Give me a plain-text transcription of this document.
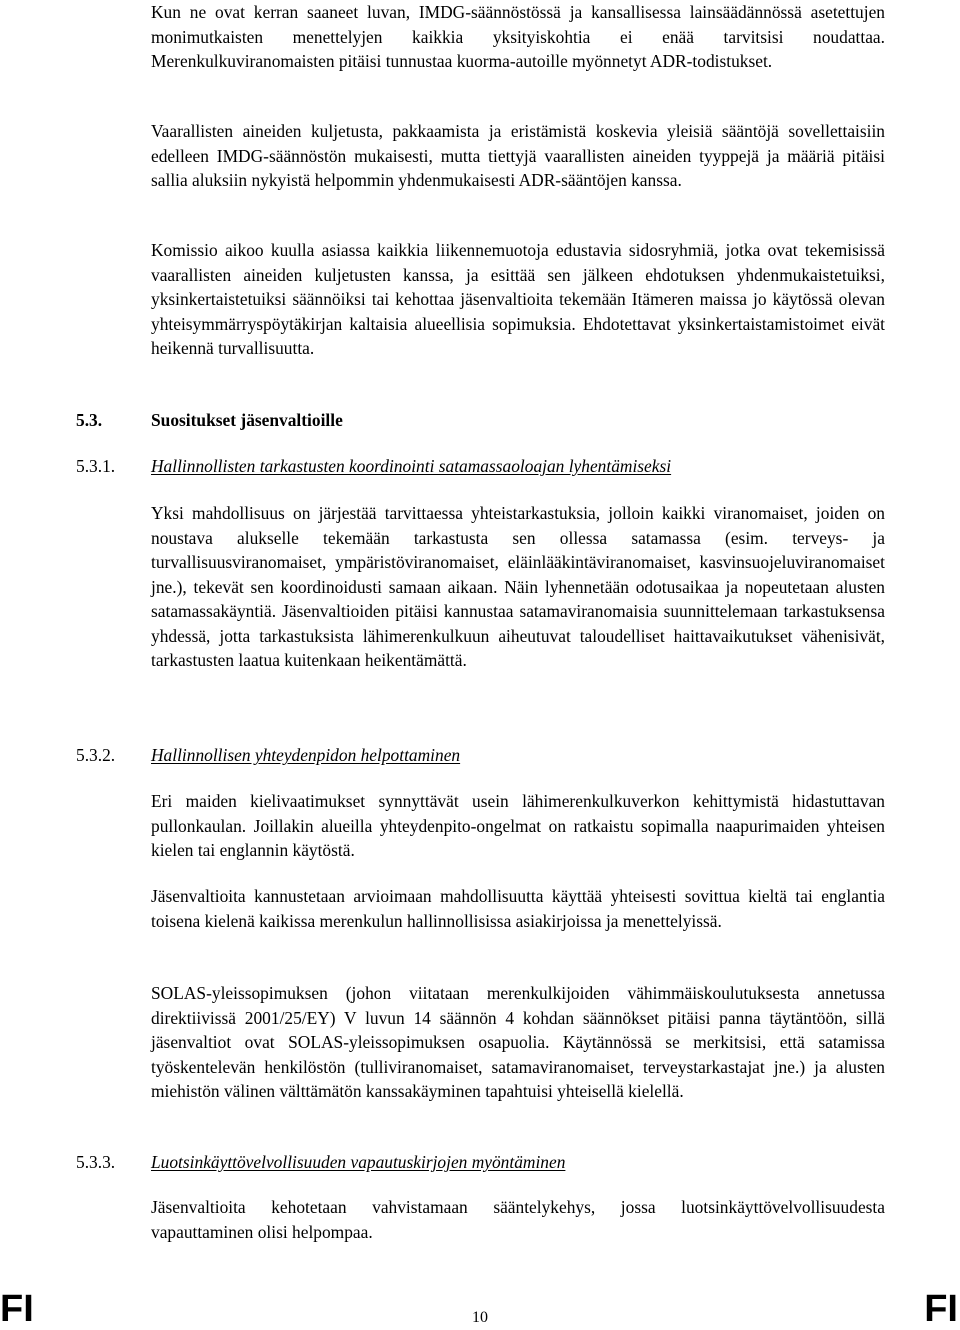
Kun ne ovat kerran saaneet luvan, IMDG-säännöstössä ja kansallisessa lainsäädännössä asetettujen monimutkaisten menettelyjen kaikkia yksityiskohtia ei enää tarvitsisi noudattaa. Merenkulkuviranomaisten pitäisi tunnustaa kuorma-autoille myönnetyt ADR-todistukset.

Vaarallisten aineiden kuljetusta, pakkaamista ja eristämistä koskevia yleisiä sääntöjä sovellettaisiin edelleen IMDG-säännöstön mukaisesti, mutta tiettyjä vaarallisten aineiden tyyppejä ja määriä pitäisi sallia aluksiin nykyistä helpommin yhdenmukaisesti ADR-sääntöjen kanssa.

Komissio aikoo kuulla asiassa kaikkia liikennemuotoja edustavia sidosryhmiä, jotka ovat tekemisissä vaarallisten aineiden kuljetusten kanssa, ja esittää sen jälkeen ehdotuksen yhdenmukaistetuiksi, yksinkertaistetuiksi säännöiksi tai kehottaa jäsenvaltioita tekemään Itämeren maissa jo käytössä olevan yhteisymmärryspöytäkirjan kaltaisia alueellisia sopimuksia. Ehdotettavat yksinkertaistamistoimet eivät heikennä turvallisuutta.

5.3.	Suositukset jäsenvaltioille
5.3.1. Hallinnollisten tarkastusten koordinointi satamassaoloajan lyhentämiseksi

Yksi mahdollisuus on järjestää tarvittaessa yhteistarkastuksia, jolloin kaikki viranomaiset, joiden on noustava alukselle tekemään tarkastusta sen ollessa satamassa (esim. terveys- ja turvallisuusviranomaiset, ympäristöviranomaiset, eläinlääkintäviranomaiset, kasvinsuojeluviranomaiset jne.), tekevät sen koordinoidusti samaan aikaan. Näin lyhennetään odotusaikaa ja nopeutetaan alusten satamassakäyntiä. Jäsenvaltioiden pitäisi kannustaa satamaviranomaisia suunnittelemaan tarkastuksensa yhdessä, jotta tarkastuksista lähimerenkulkuun aiheutuvat taloudelliset haittavaikutukset vähenisivät, tarkastusten laatua kuitenkaan heikentämättä.

5.3.2. Hallinnollisen yhteydenpidon helpottaminen

Eri maiden kielivaatimukset synnyttävät usein lähimerenkulkuverkon kehittymistä hidastuttavan pullonkaulan. Joillakin alueilla yhteydenpito-ongelmat on ratkaistu sopimalla naapurimaiden yhteisen kielen tai englannin käytöstä.

Jäsenvaltioita kannustetaan arvioimaan mahdollisuutta käyttää yhteisesti sovittua kieltä tai englantia toisena kielenä kaikissa merenkulun hallinnollisissa asiakirjoissa ja menettelyissä.

SOLAS-yleissopimuksen (johon viitataan merenkulkijoiden vähimmäiskoulutuksesta annetussa direktiivissä 2001/25/EY) V luvun 14 säännön 4 kohdan säännökset pitäisi panna täytäntöön, sillä jäsenvaltiot ovat SOLAS-yleissopimuksen osapuolia. Käytännössä se merkitsisi, että satamissa työskentelevän henkilöstön (tulliviranomaiset, satamaviranomaiset, terveystarkastajat jne.) ja alusten miehistön välinen välttämätön kanssakäyminen tapahtuisi yhteisellä kielellä.

5.3.3. Luotsinkäyttövelvollisuuden vapautuskirjojen myöntäminen

Jäsenvaltioita kehotetaan vahvistamaan sääntelykehys, jossa luotsinkäyttövelvollisuudesta vapauttaminen olisi helpompaa.

FI	10	FI
